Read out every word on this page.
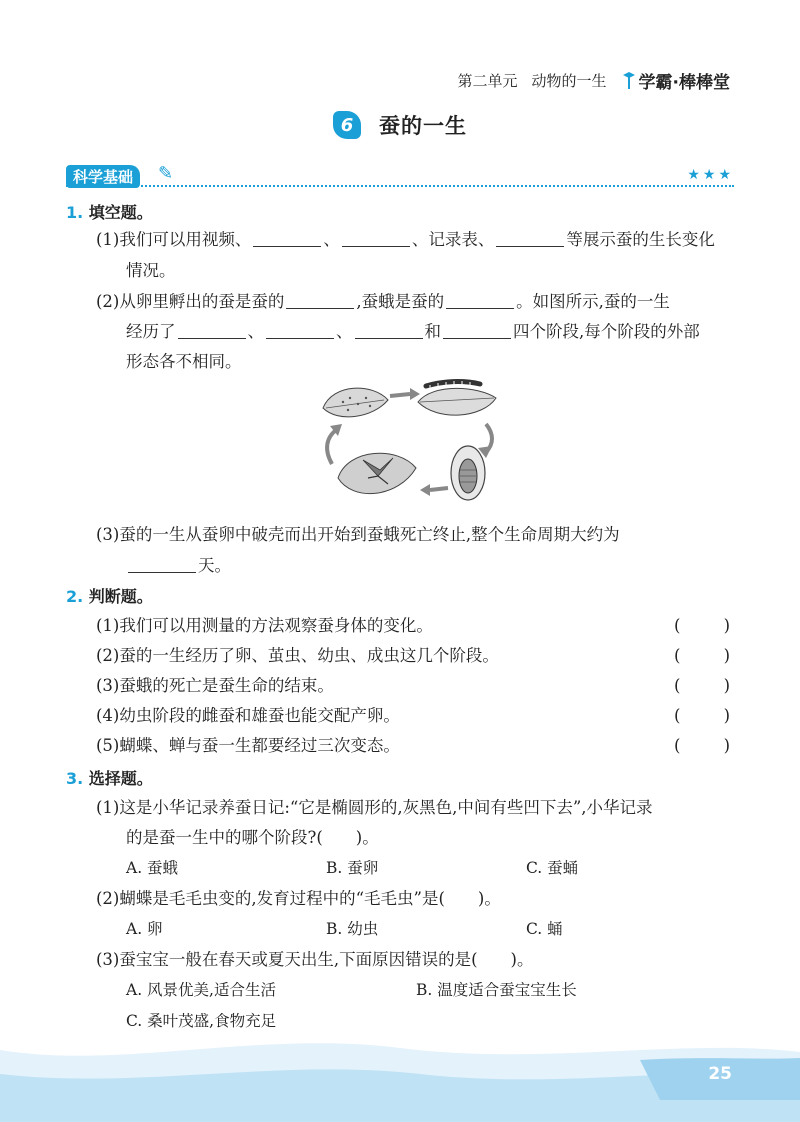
第二单元 动物的一生 学霸·棒棒堂
6	蚕的一生
科学基础	✎	★★★
1. 填空题。
(1)我们可以用视频、	、	、记录表、	等展示蚕的生长变化
情况。
(2)从卵里孵出的蚕是蚕的	,蚕蛾是蚕的	。如图所示,蚕的一生
经历了	、	、	和	四个阶段,每个阶段的外部
形态各不相同。
(3)蚕的一生从蚕卵中破壳而出开始到蚕蛾死亡终止,整个生命周期大约为
天。
2. 判断题。
(1)我们可以用测量的方法观察蚕身体的变化。	(	)
(2)蚕的一生经历了卵、茧虫、幼虫、成虫这几个阶段。	(	)
(3)蚕蛾的死亡是蚕生命的结束。	(	)
(4)幼虫阶段的雌蚕和雄蚕也能交配产卵。	(	)
(5)蝴蝶、蝉与蚕一生都要经过三次变态。	(	)
3. 选择题。
(1)这是小华记录养蚕日记:“它是椭圆形的,灰黑色,中间有些凹下去”,小华记录
的是蚕一生中的哪个阶段?(　　)。
A. 蚕蛾	B. 蚕卵	C. 蚕蛹
(2)蝴蝶是毛毛虫变的,发育过程中的“毛毛虫”是(　　)。
A. 卵	B. 幼虫	C. 蛹
(3)蚕宝宝一般在春天或夏天出生,下面原因错误的是(　　)。
A. 风景优美,适合生活	B. 温度适合蚕宝宝生长
C. 桑叶茂盛,食物充足
25
